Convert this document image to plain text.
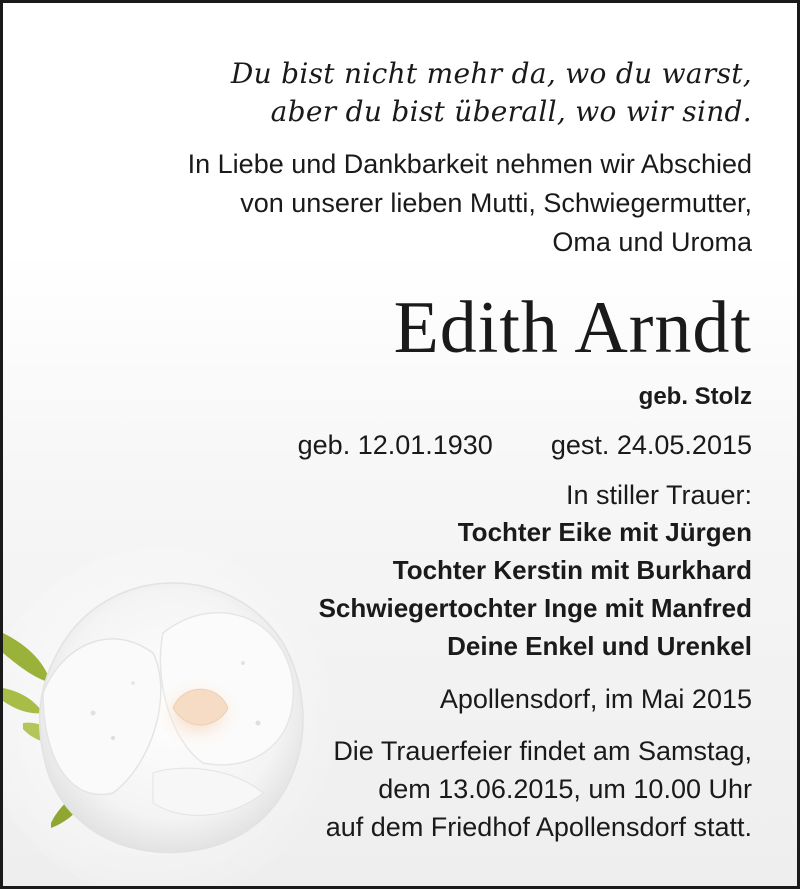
Du bist nicht mehr da, wo du warst,
aber du bist überall, wo wir sind.
In Liebe und Dankbarkeit nehmen wir Abschied
von unserer lieben Mutti, Schwiegermutter,
Oma und Uroma
Edith Arndt
geb. Stolz
geb. 12.01.1930 gest. 24.05.2015
In stiller Trauer:
Tochter Eike mit Jürgen
Tochter Kerstin mit Burkhard
Schwiegertochter Inge mit Manfred
Deine Enkel und Urenkel
Apollensdorf, im Mai 2015
Die Trauerfeier findet am Samstag,
dem 13.06.2015, um 10.00 Uhr
auf dem Friedhof Apollensdorf statt.
